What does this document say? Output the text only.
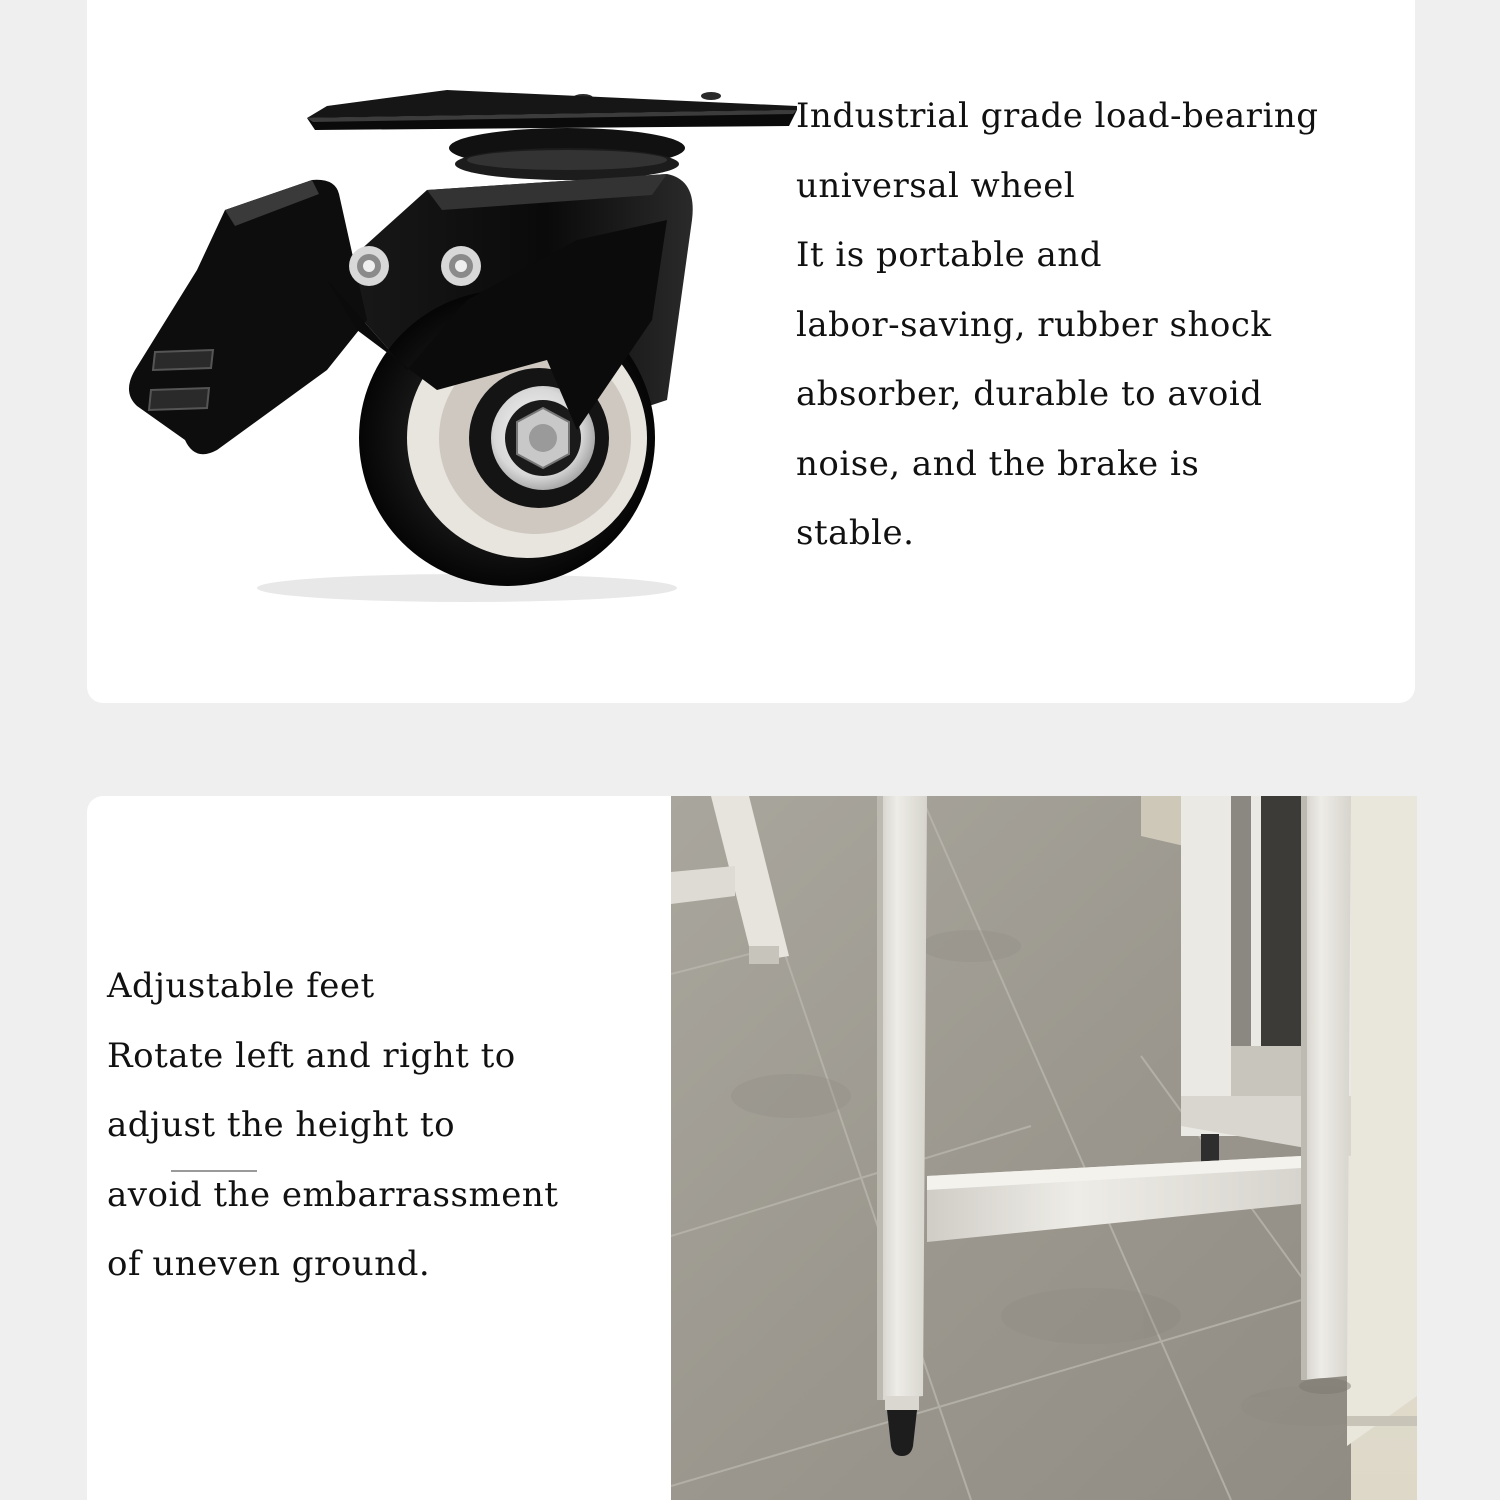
Industrial grade load-bearing
universal wheel
It is portable and
labor-saving, rubber shock
absorber, durable to avoid
noise, and the brake is
stable.

Adjustable feet
Rotate left and right to
adjust the height to
avoid the embarrassment
of uneven ground.
